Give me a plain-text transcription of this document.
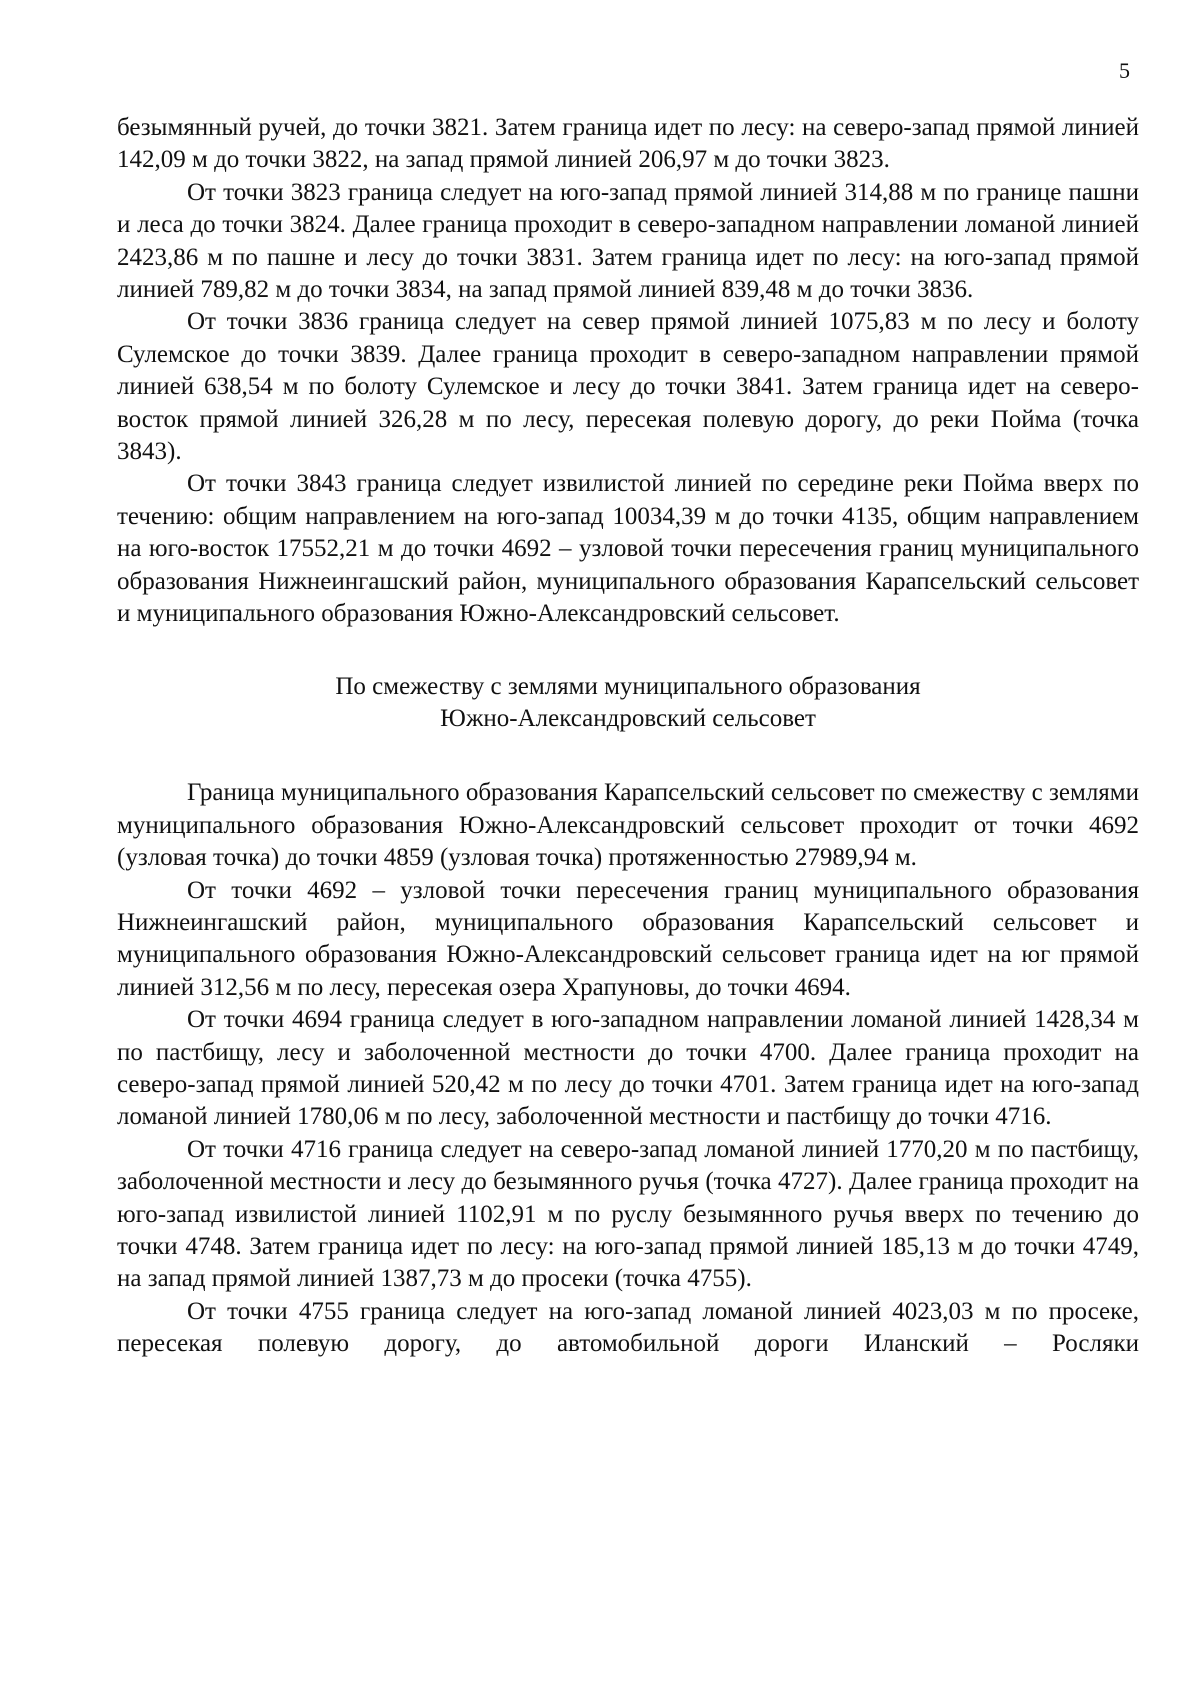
5

безымянный ручей, до точки 3821. Затем граница идет по лесу: на северо-запад прямой линией 142,09 м до точки 3822, на запад прямой линией 206,97 м до точки 3823.

От точки 3823 граница следует на юго-запад прямой линией 314,88 м по границе пашни и леса до точки 3824. Далее граница проходит в северо-западном направлении ломаной линией 2423,86 м по пашне и лесу до точки 3831. Затем граница идет по лесу: на юго-запад прямой линией 789,82 м до точки 3834, на запад прямой линией 839,48 м до точки 3836.

От точки 3836 граница следует на север прямой линией 1075,83 м по лесу и болоту Сулемское до точки 3839. Далее граница проходит в северо-западном направлении прямой линией 638,54 м по болоту Сулемское и лесу до точки 3841. Затем граница идет на северо-восток прямой линией 326,28 м по лесу, пересекая полевую дорогу, до реки Пойма (точка 3843).

От точки 3843 граница следует извилистой линией по середине реки Пойма вверх по течению: общим направлением на юго-запад 10034,39 м до точки 4135, общим направлением на юго-восток 17552,21 м до точки 4692 – узловой точки пересечения границ муниципального образования Нижнеингашский район, муниципального образования Карапсельский сельсовет и муниципального образования Южно-Александровский сельсовет.

По смежеству с землями муниципального образования
Южно-Александровский сельсовет

Граница муниципального образования Карапсельский сельсовет по смежеству с землями муниципального образования Южно-Александровский сельсовет проходит от точки 4692 (узловая точка) до точки 4859 (узловая точка) протяженностью 27989,94 м.

От точки 4692 – узловой точки пересечения границ муниципального образования Нижнеингашский район, муниципального образования Карапсельский сельсовет и муниципального образования Южно-Александровский сельсовет граница идет на юг прямой линией 312,56 м по лесу, пересекая озера Храпуновы, до точки 4694.

От точки 4694 граница следует в юго-западном направлении ломаной линией 1428,34 м по пастбищу, лесу и заболоченной местности до точки 4700. Далее граница проходит на северо-запад прямой линией 520,42 м по лесу до точки 4701. Затем граница идет на юго-запад ломаной линией 1780,06 м по лесу, заболоченной местности и пастбищу до точки 4716.

От точки 4716 граница следует на северо-запад ломаной линией 1770,20 м по пастбищу, заболоченной местности и лесу до безымянного ручья (точка 4727). Далее граница проходит на юго-запад извилистой линией 1102,91 м по руслу безымянного ручья вверх по течению до точки 4748. Затем граница идет по лесу: на юго-запад прямой линией 185,13 м до точки 4749, на запад прямой линией 1387,73 м до просеки (точка 4755).

От точки 4755 граница следует на юго-запад ломаной линией 4023,03 м по просеке, пересекая полевую дорогу, до автомобильной дороги Иланский – Росляки
